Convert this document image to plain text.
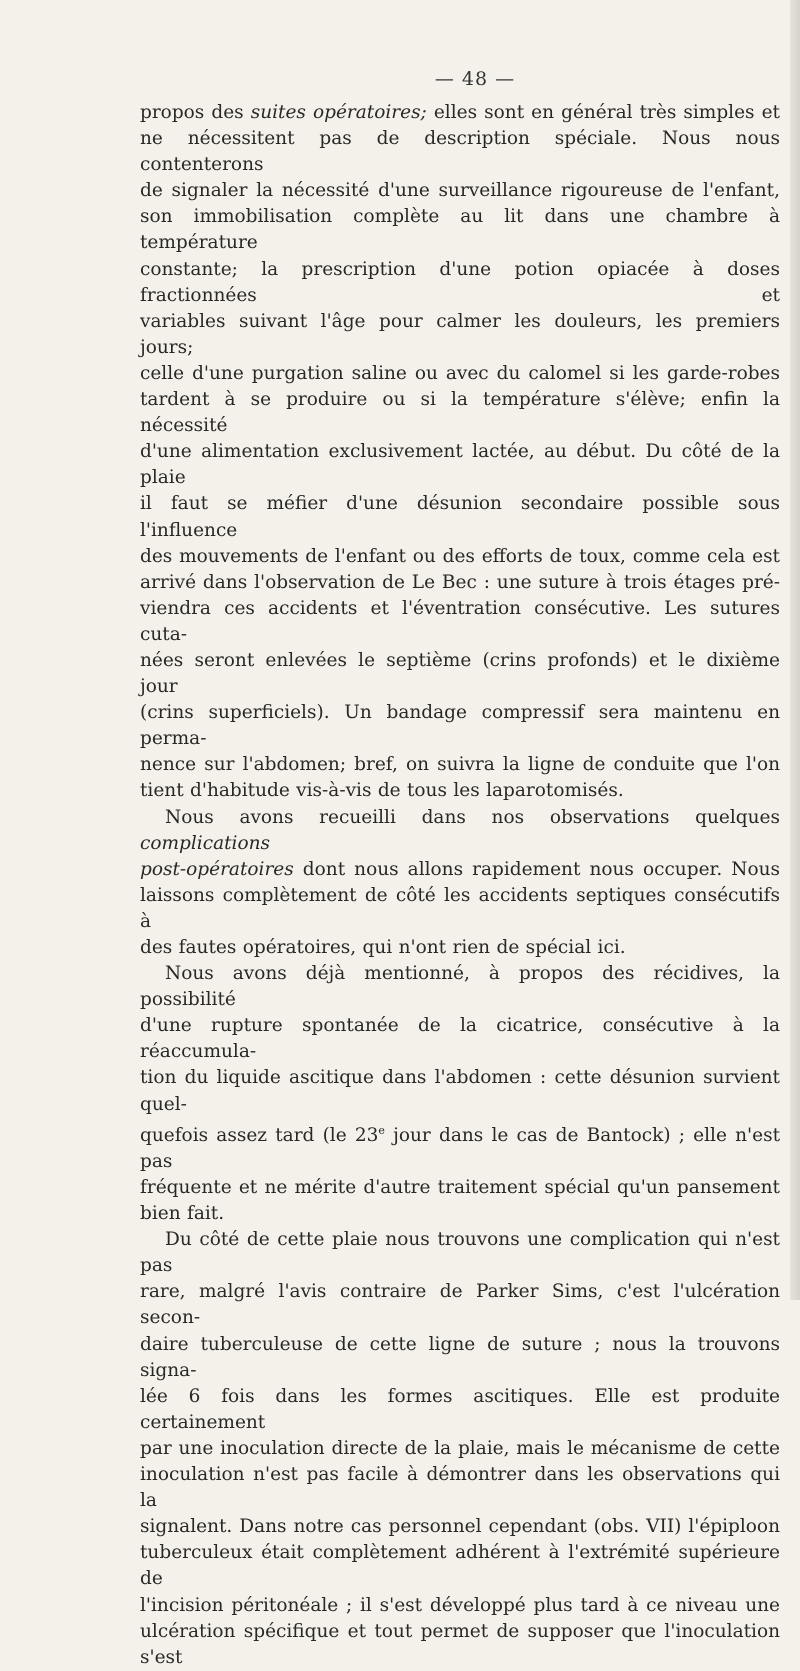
— 48 —

propos des suites opératoires; elles sont en général très simples et

ne nécessitent pas de description spéciale. Nous nous contenterons

de signaler la nécessité d'une surveillance rigoureuse de l'enfant,

son immobilisation complète au lit dans une chambre à température

constante; la prescription d'une potion opiacée à doses fractionnées et

variables suivant l'âge pour calmer les douleurs, les premiers jours;

celle d'une purgation saline ou avec du calomel si les garde-robes

tardent à se produire ou si la température s'élève; enfin la nécessité

d'une alimentation exclusivement lactée, au début. Du côté de la plaie

il faut se méfier d'une désunion secondaire possible sous l'influence

des mouvements de l'enfant ou des efforts de toux, comme cela est

arrivé dans l'observation de Le Bec : une suture à trois étages pré-

viendra ces accidents et l'éventration consécutive. Les sutures cuta-

nées seront enlevées le septième (crins profonds) et le dixième jour

(crins superficiels). Un bandage compressif sera maintenu en perma-

nence sur l'abdomen; bref, on suivra la ligne de conduite que l'on

tient d'habitude vis-à-vis de tous les laparotomisés.

Nous avons recueilli dans nos observations quelques complications

post-opératoires dont nous allons rapidement nous occuper. Nous

laissons complètement de côté les accidents septiques consécutifs à

des fautes opératoires, qui n'ont rien de spécial ici.

Nous avons déjà mentionné, à propos des récidives, la possibilité

d'une rupture spontanée de la cicatrice, consécutive à la réaccumula-

tion du liquide ascitique dans l'abdomen : cette désunion survient quel-

quefois assez tard (le 23e jour dans le cas de Bantock) ; elle n'est pas

fréquente et ne mérite d'autre traitement spécial qu'un pansement

bien fait.

Du côté de cette plaie nous trouvons une complication qui n'est pas

rare, malgré l'avis contraire de Parker Sims, c'est l'ulcération secon-

daire tuberculeuse de cette ligne de suture ; nous la trouvons signa-

lée 6 fois dans les formes ascitiques. Elle est produite certainement

par une inoculation directe de la plaie, mais le mécanisme de cette

inoculation n'est pas facile à démontrer dans les observations qui la

signalent. Dans notre cas personnel cependant (obs. VII) l'épiploon

tuberculeux était complètement adhérent à l'extrémité supérieure de

l'incision péritonéale ; il s'est développé plus tard à ce niveau une

ulcération spécifique et tout permet de supposer que l'inoculation s'est
